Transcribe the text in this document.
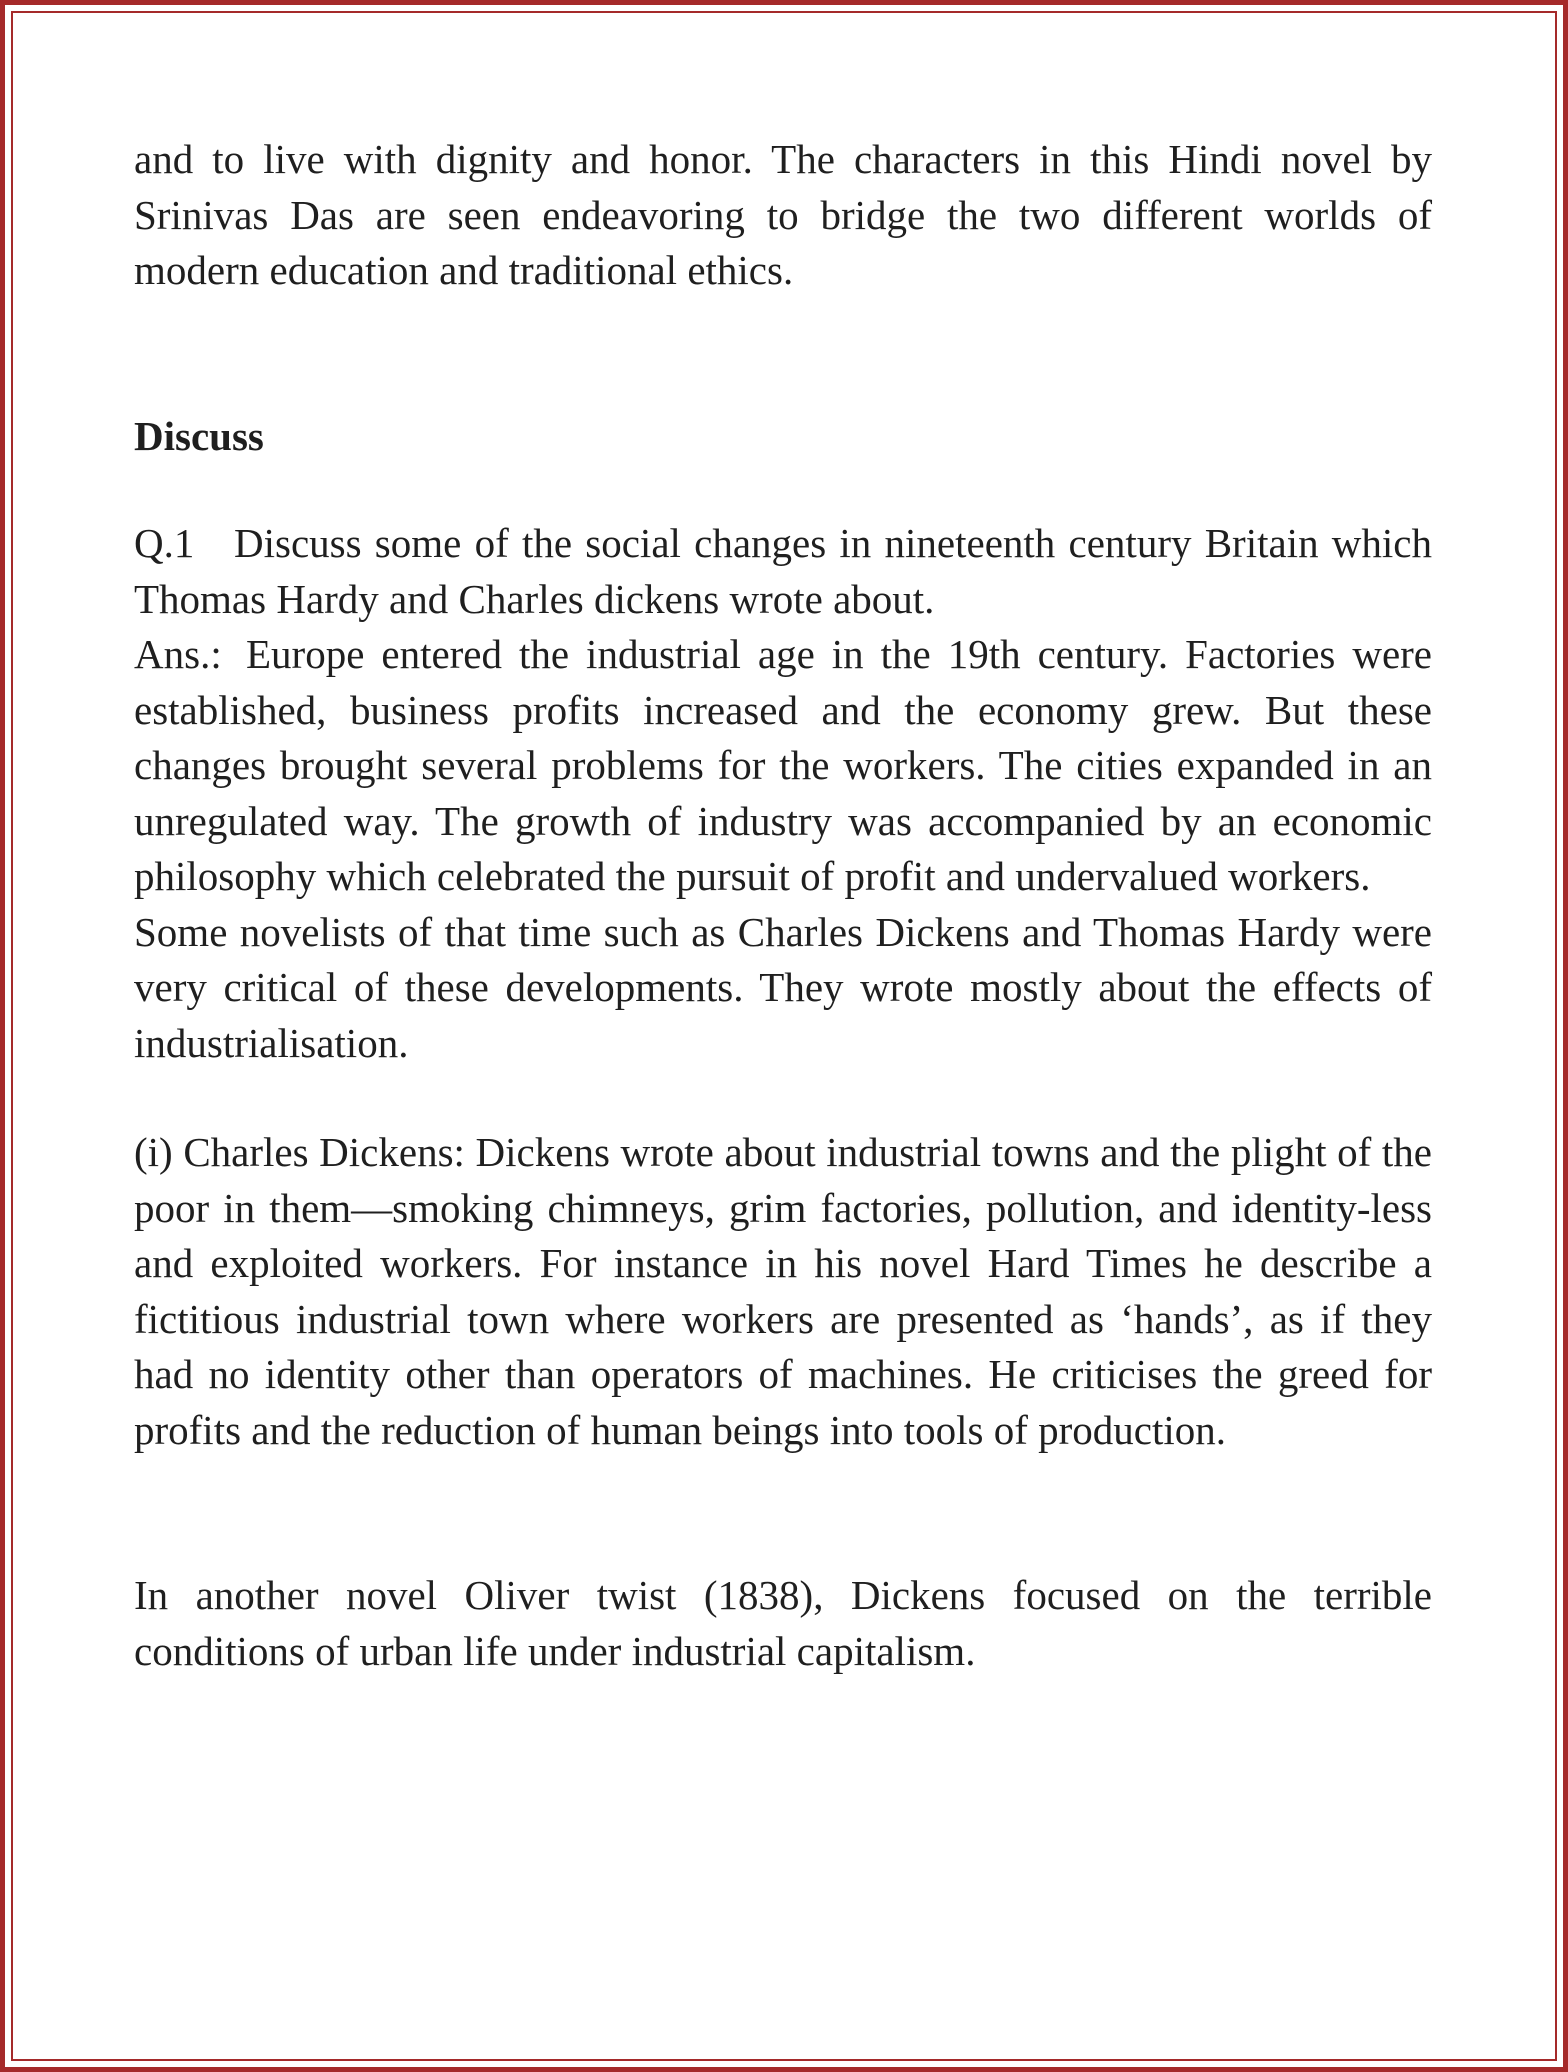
and to live with dignity and honor. The characters in this Hindi novel by Srinivas Das are seen endeavoring to bridge the two different worlds of modern education and traditional ethics.

Discuss

Q.1 Discuss some of the social changes in nineteenth century Britain which Thomas Hardy and Charles dickens wrote about.

Ans.: Europe entered the industrial age in the 19th century. Factories were established, business profits increased and the economy grew. But these changes brought several problems for the workers. The cities expanded in an unregulated way. The growth of industry was accompanied by an economic philosophy which celebrated the pursuit of profit and undervalued workers.

Some novelists of that time such as Charles Dickens and Thomas Hardy were very critical of these developments. They wrote mostly about the effects of industrialisation.

(i) Charles Dickens: Dickens wrote about industrial towns and the plight of the poor in them—smoking chimneys, grim factories, pollution, and identity-less and exploited workers. For instance in his novel Hard Times he describe a fictitious industrial town where workers are presented as ‘hands’, as if they had no identity other than operators of machines. He criticises the greed for profits and the reduction of human beings into tools of production.

In another novel Oliver twist (1838), Dickens focused on the terrible conditions of urban life under industrial capitalism.
